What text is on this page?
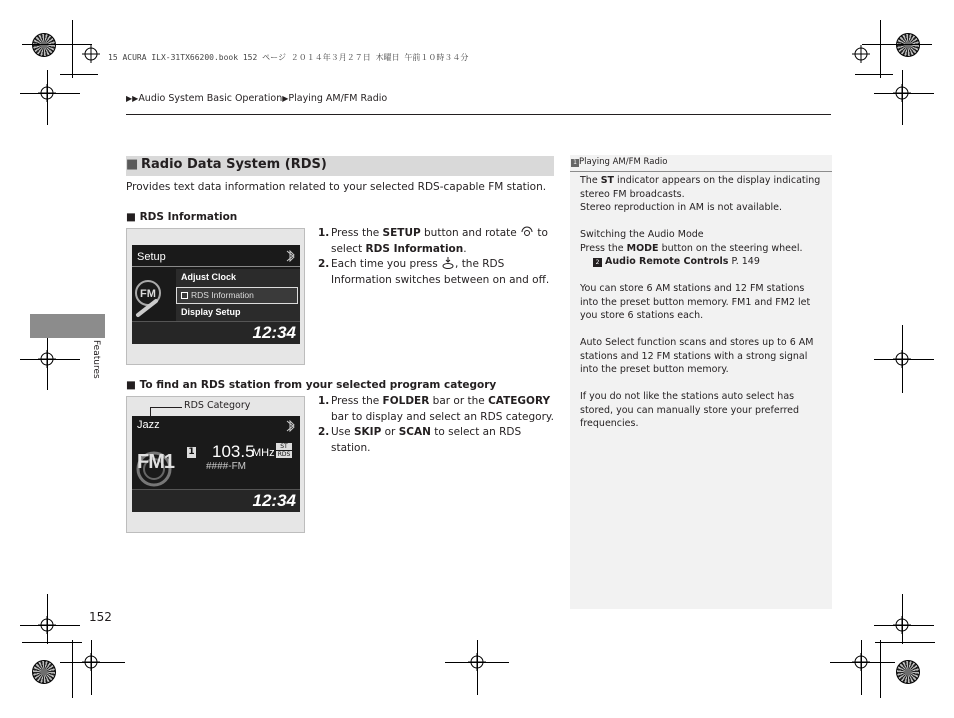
15 ACURA ILX-31TX66200.book 152 ページ ２０１４年３月２７日 木曜日 午前１０時３４分
▶▶Audio System Basic Operation▶Playing AM/FM Radio
■ Radio Data System (RDS)
Provides text data information related to your selected RDS-capable FM station.
■ RDS Information
Setup
FM
Adjust Clock
RDS Information
Display Setup
12:34
1. Press the SETUP button and rotate  to select RDS Information.
2. Each time you press , the RDS Information switches between on and off.
■ To find an RDS station from your selected program category
RDS Category
Jazz
FM1 1 103.5
MHz
ST
RDS
####-FM
12:34
1. Press the FOLDER bar or the CATEGORY bar to display and select an RDS category.
2. Use SKIP or SCAN to select an RDS station.
Features
152
1 Playing AM/FM Radio
The ST indicator appears on the display indicating stereo FM broadcasts.
Stereo reproduction in AM is not available.
Switching the Audio Mode
Press the MODE button on the steering wheel.
2 Audio Remote Controls P. 149
You can store 6 AM stations and 12 FM stations into the preset button memory. FM1 and FM2 let you store 6 stations each.
Auto Select function scans and stores up to 6 AM stations and 12 FM stations with a strong signal into the preset button memory.
If you do not like the stations auto select has stored, you can manually store your preferred frequencies.
